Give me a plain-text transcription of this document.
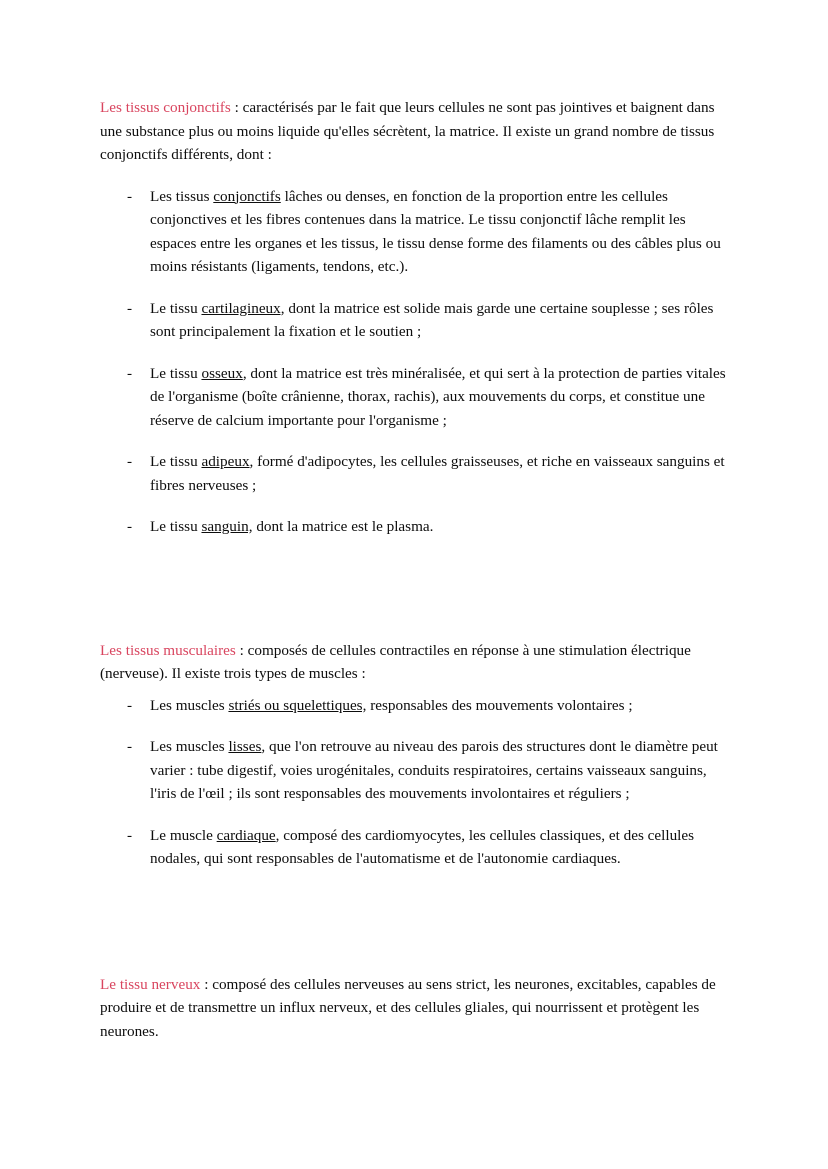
Les tissus conjonctifs : caractérisés par le fait que leurs cellules ne sont pas jointives et baignent dans une substance plus ou moins liquide qu'elles sécrètent, la matrice. Il existe un grand nombre de tissus conjonctifs différents, dont :

- Les tissus conjonctifs lâches ou denses, en fonction de la proportion entre les cellules conjonctives et les fibres contenues dans la matrice. Le tissu conjonctif lâche remplit les espaces entre les organes et les tissus, le tissu dense forme des filaments ou des câbles plus ou moins résistants (ligaments, tendons, etc.).
- Le tissu cartilagineux, dont la matrice est solide mais garde une certaine souplesse ; ses rôles sont principalement la fixation et le soutien ;
- Le tissu osseux, dont la matrice est très minéralisée, et qui sert à la protection de parties vitales de l'organisme (boîte crânienne, thorax, rachis), aux mouvements du corps, et constitue une réserve de calcium importante pour l'organisme ;
- Le tissu adipeux, formé d'adipocytes, les cellules graisseuses, et riche en vaisseaux sanguins et fibres nerveuses ;
- Le tissu sanguin, dont la matrice est le plasma.

Les tissus musculaires : composés de cellules contractiles en réponse à une stimulation électrique (nerveuse). Il existe trois types de muscles :

- Les muscles striés ou squelettiques, responsables des mouvements volontaires ;
- Les muscles lisses, que l'on retrouve au niveau des parois des structures dont le diamètre peut varier : tube digestif, voies urogénitales, conduits respiratoires, certains vaisseaux sanguins, l'iris de l'œil ; ils sont responsables des mouvements involontaires et réguliers ;
- Le muscle cardiaque, composé des cardiomyocytes, les cellules classiques, et des cellules nodales, qui sont responsables de l'automatisme et de l'autonomie cardiaques.

Le tissu nerveux : composé des cellules nerveuses au sens strict, les neurones, excitables, capables de produire et de transmettre un influx nerveux, et des cellules gliales, qui nourrissent et protègent les neurones.
